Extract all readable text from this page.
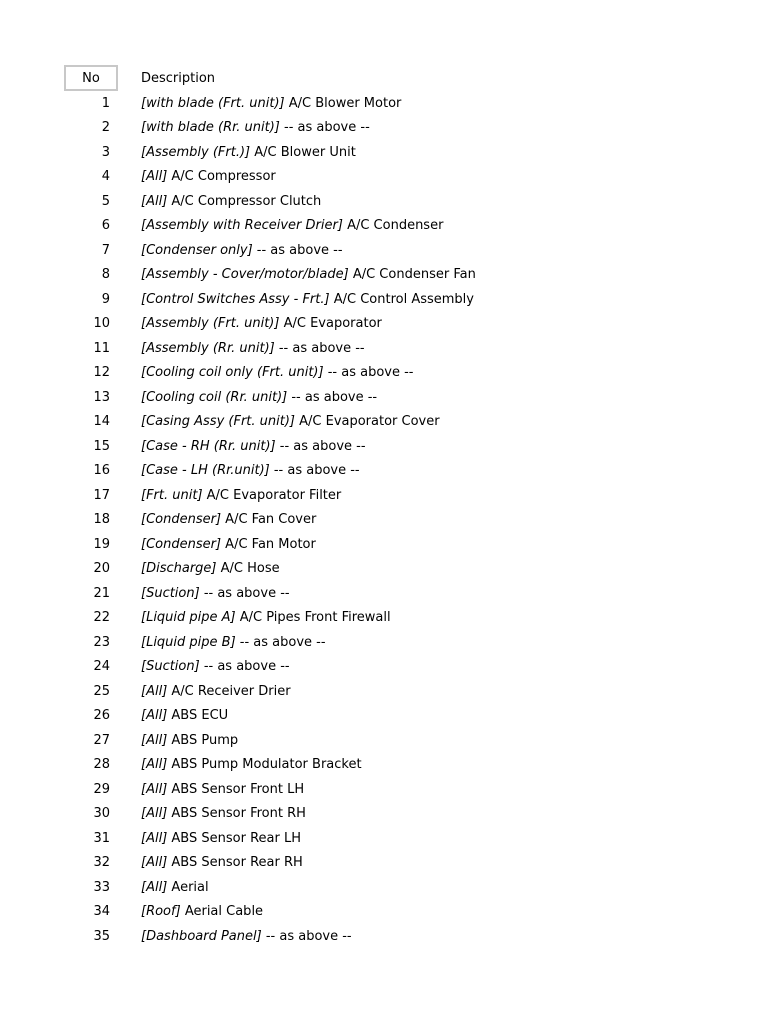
No	Description
1	[with blade (Frt. unit)] A/C Blower Motor
2	[with blade (Rr. unit)] -- as above --
3	[Assembly (Frt.)] A/C Blower Unit
4	[All] A/C Compressor
5	[All] A/C Compressor Clutch
6	[Assembly with Receiver Drier] A/C Condenser
7	[Condenser only] -- as above --
8	[Assembly - Cover/motor/blade] A/C Condenser Fan
9	[Control Switches Assy - Frt.] A/C Control Assembly
10	[Assembly (Frt. unit)] A/C Evaporator
11	[Assembly (Rr. unit)] -- as above --
12	[Cooling coil only (Frt. unit)] -- as above --
13	[Cooling coil (Rr. unit)] -- as above --
14	[Casing Assy (Frt. unit)] A/C Evaporator Cover
15	[Case - RH (Rr. unit)] -- as above --
16	[Case - LH (Rr.unit)] -- as above --
17	[Frt. unit] A/C Evaporator Filter
18	[Condenser] A/C Fan Cover
19	[Condenser] A/C Fan Motor
20	[Discharge] A/C Hose
21	[Suction] -- as above --
22	[Liquid pipe A] A/C Pipes Front Firewall
23	[Liquid pipe B] -- as above --
24	[Suction] -- as above --
25	[All] A/C Receiver Drier
26	[All] ABS ECU
27	[All] ABS Pump
28	[All] ABS Pump Modulator Bracket
29	[All] ABS Sensor Front LH
30	[All] ABS Sensor Front RH
31	[All] ABS Sensor Rear LH
32	[All] ABS Sensor Rear RH
33	[All] Aerial
34	[Roof] Aerial Cable
35	[Dashboard Panel] -- as above --
